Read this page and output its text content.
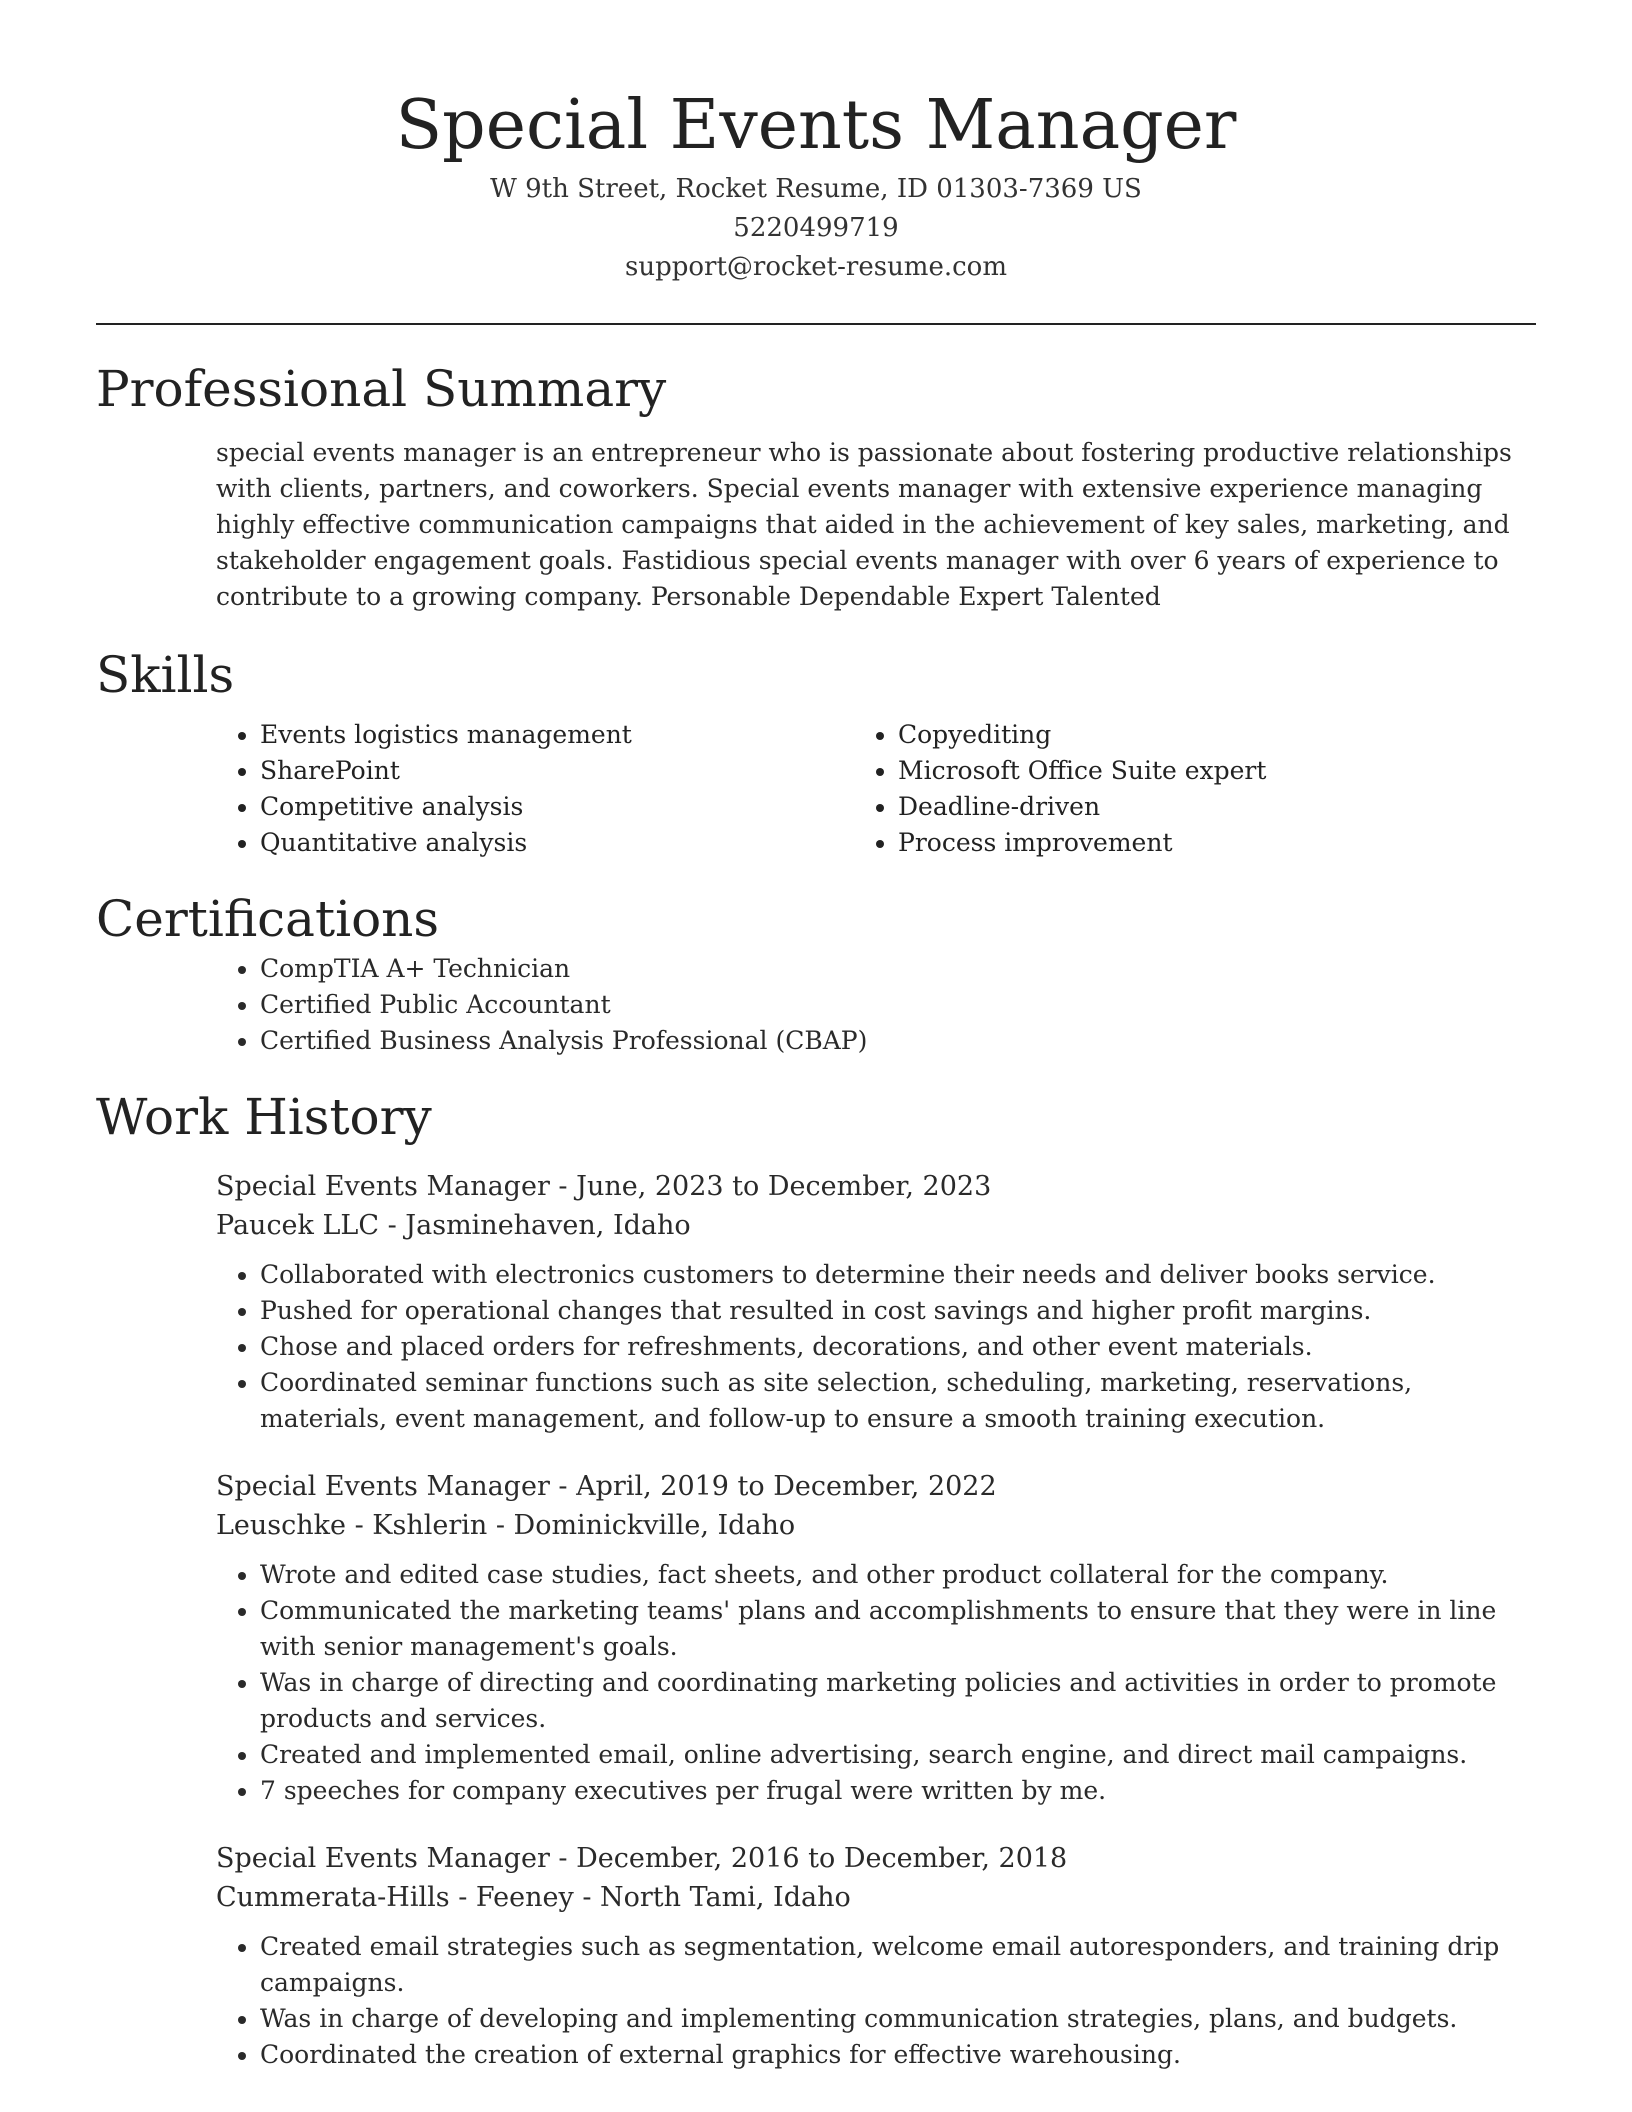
Special Events Manager

W 9th Street, Rocket Resume, ID 01303-7369 US

5220499719

support@rocket-resume.com

Professional Summary

special events manager is an entrepreneur who is passionate about fostering productive relationships with clients, partners, and coworkers. Special events manager with extensive experience managing highly effective communication campaigns that aided in the achievement of key sales, marketing, and stakeholder engagement goals. Fastidious special events manager with over 6 years of experience to contribute to a growing company. Personable Dependable Expert Talented

Skills
• Events logistics management
• SharePoint
• Competitive analysis
• Quantitative analysis
• Copyediting
• Microsoft Office Suite expert
• Deadline-driven
• Process improvement
Certifications
• CompTIA A+ Technician
• Certified Public Accountant
• Certified Business Analysis Professional (CBAP)
Work History

Special Events Manager - June, 2023 to December, 2023

Paucek LLC - Jasminehaven, Idaho

• Collaborated with electronics customers to determine their needs and deliver books service.
• Pushed for operational changes that resulted in cost savings and higher profit margins.
• Chose and placed orders for refreshments, decorations, and other event materials.
• Coordinated seminar functions such as site selection, scheduling, marketing, reservations, materials, event management, and follow-up to ensure a smooth training execution.

Special Events Manager - April, 2019 to December, 2022

Leuschke - Kshlerin - Dominickville, Idaho

• Wrote and edited case studies, fact sheets, and other product collateral for the company.
• Communicated the marketing teams' plans and accomplishments to ensure that they were in line with senior management's goals.
• Was in charge of directing and coordinating marketing policies and activities in order to promote products and services.
• Created and implemented email, online advertising, search engine, and direct mail campaigns.
• 7 speeches for company executives per frugal were written by me.

Special Events Manager - December, 2016 to December, 2018

Cummerata-Hills - Feeney - North Tami, Idaho

• Created email strategies such as segmentation, welcome email autoresponders, and training drip campaigns.
• Was in charge of developing and implementing communication strategies, plans, and budgets.
• Coordinated the creation of external graphics for effective warehousing.
